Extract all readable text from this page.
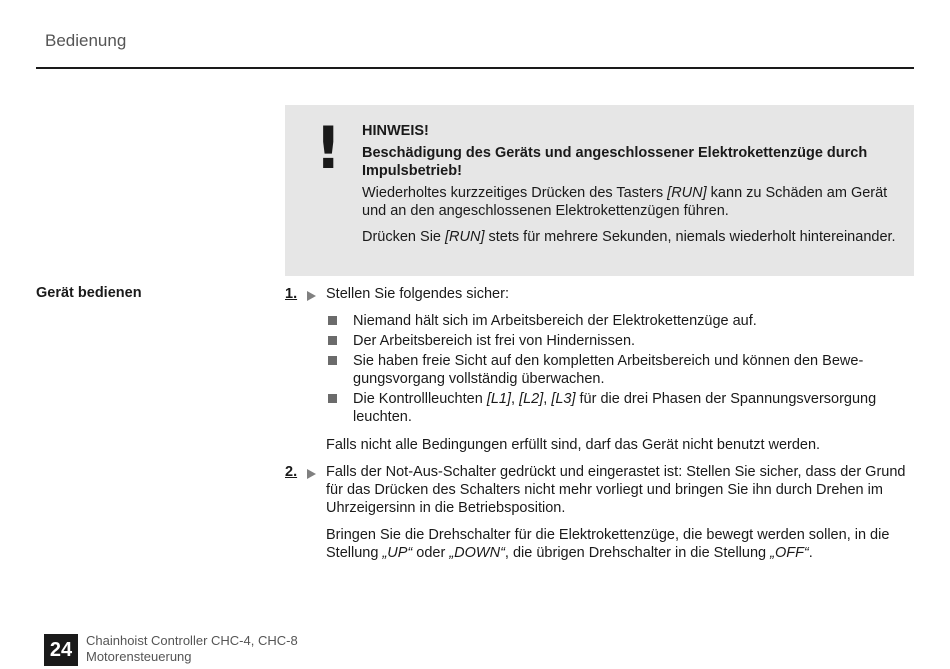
Bedienung
! HINWEIS!

Beschädigung des Geräts und angeschlossener Elektrokettenzüge durch Impulsbetrieb!

Wiederholtes kurzzeitiges Drücken des Tasters [RUN] kann zu Schäden am Gerät und an den angeschlossenen Elektrokettenzügen führen.

Drücken Sie [RUN] stets für mehrere Sekunden, niemals wiederholt hintereinander.

Gerät bedienen	1. Stellen Sie folgendes sicher:

Niemand hält sich im Arbeitsbereich der Elektrokettenzüge auf.
Der Arbeitsbereich ist frei von Hindernissen.
Sie haben freie Sicht auf den kompletten Arbeitsbereich und können den Bewegungsvorgang vollständig überwachen.
Die Kontrollleuchten [L1], [L2], [L3] für die drei Phasen der Spannungsversorgung leuchten.

Falls nicht alle Bedingungen erfüllt sind, darf das Gerät nicht benutzt werden.

2. Falls der Not-Aus-Schalter gedrückt und eingerastet ist: Stellen Sie sicher, dass der Grund für das Drücken des Schalters nicht mehr vorliegt und bringen Sie ihn durch Drehen im Uhrzeigersinn in die Betriebsposition.

Bringen Sie die Drehschalter für die Elektrokettenzüge, die bewegt werden sollen, in die Stellung „UP“ oder „DOWN“, die übrigen Drehschalter in die Stellung „OFF“.

24	Chainhoist Controller CHC-4, CHC-8
Motorensteuerung
